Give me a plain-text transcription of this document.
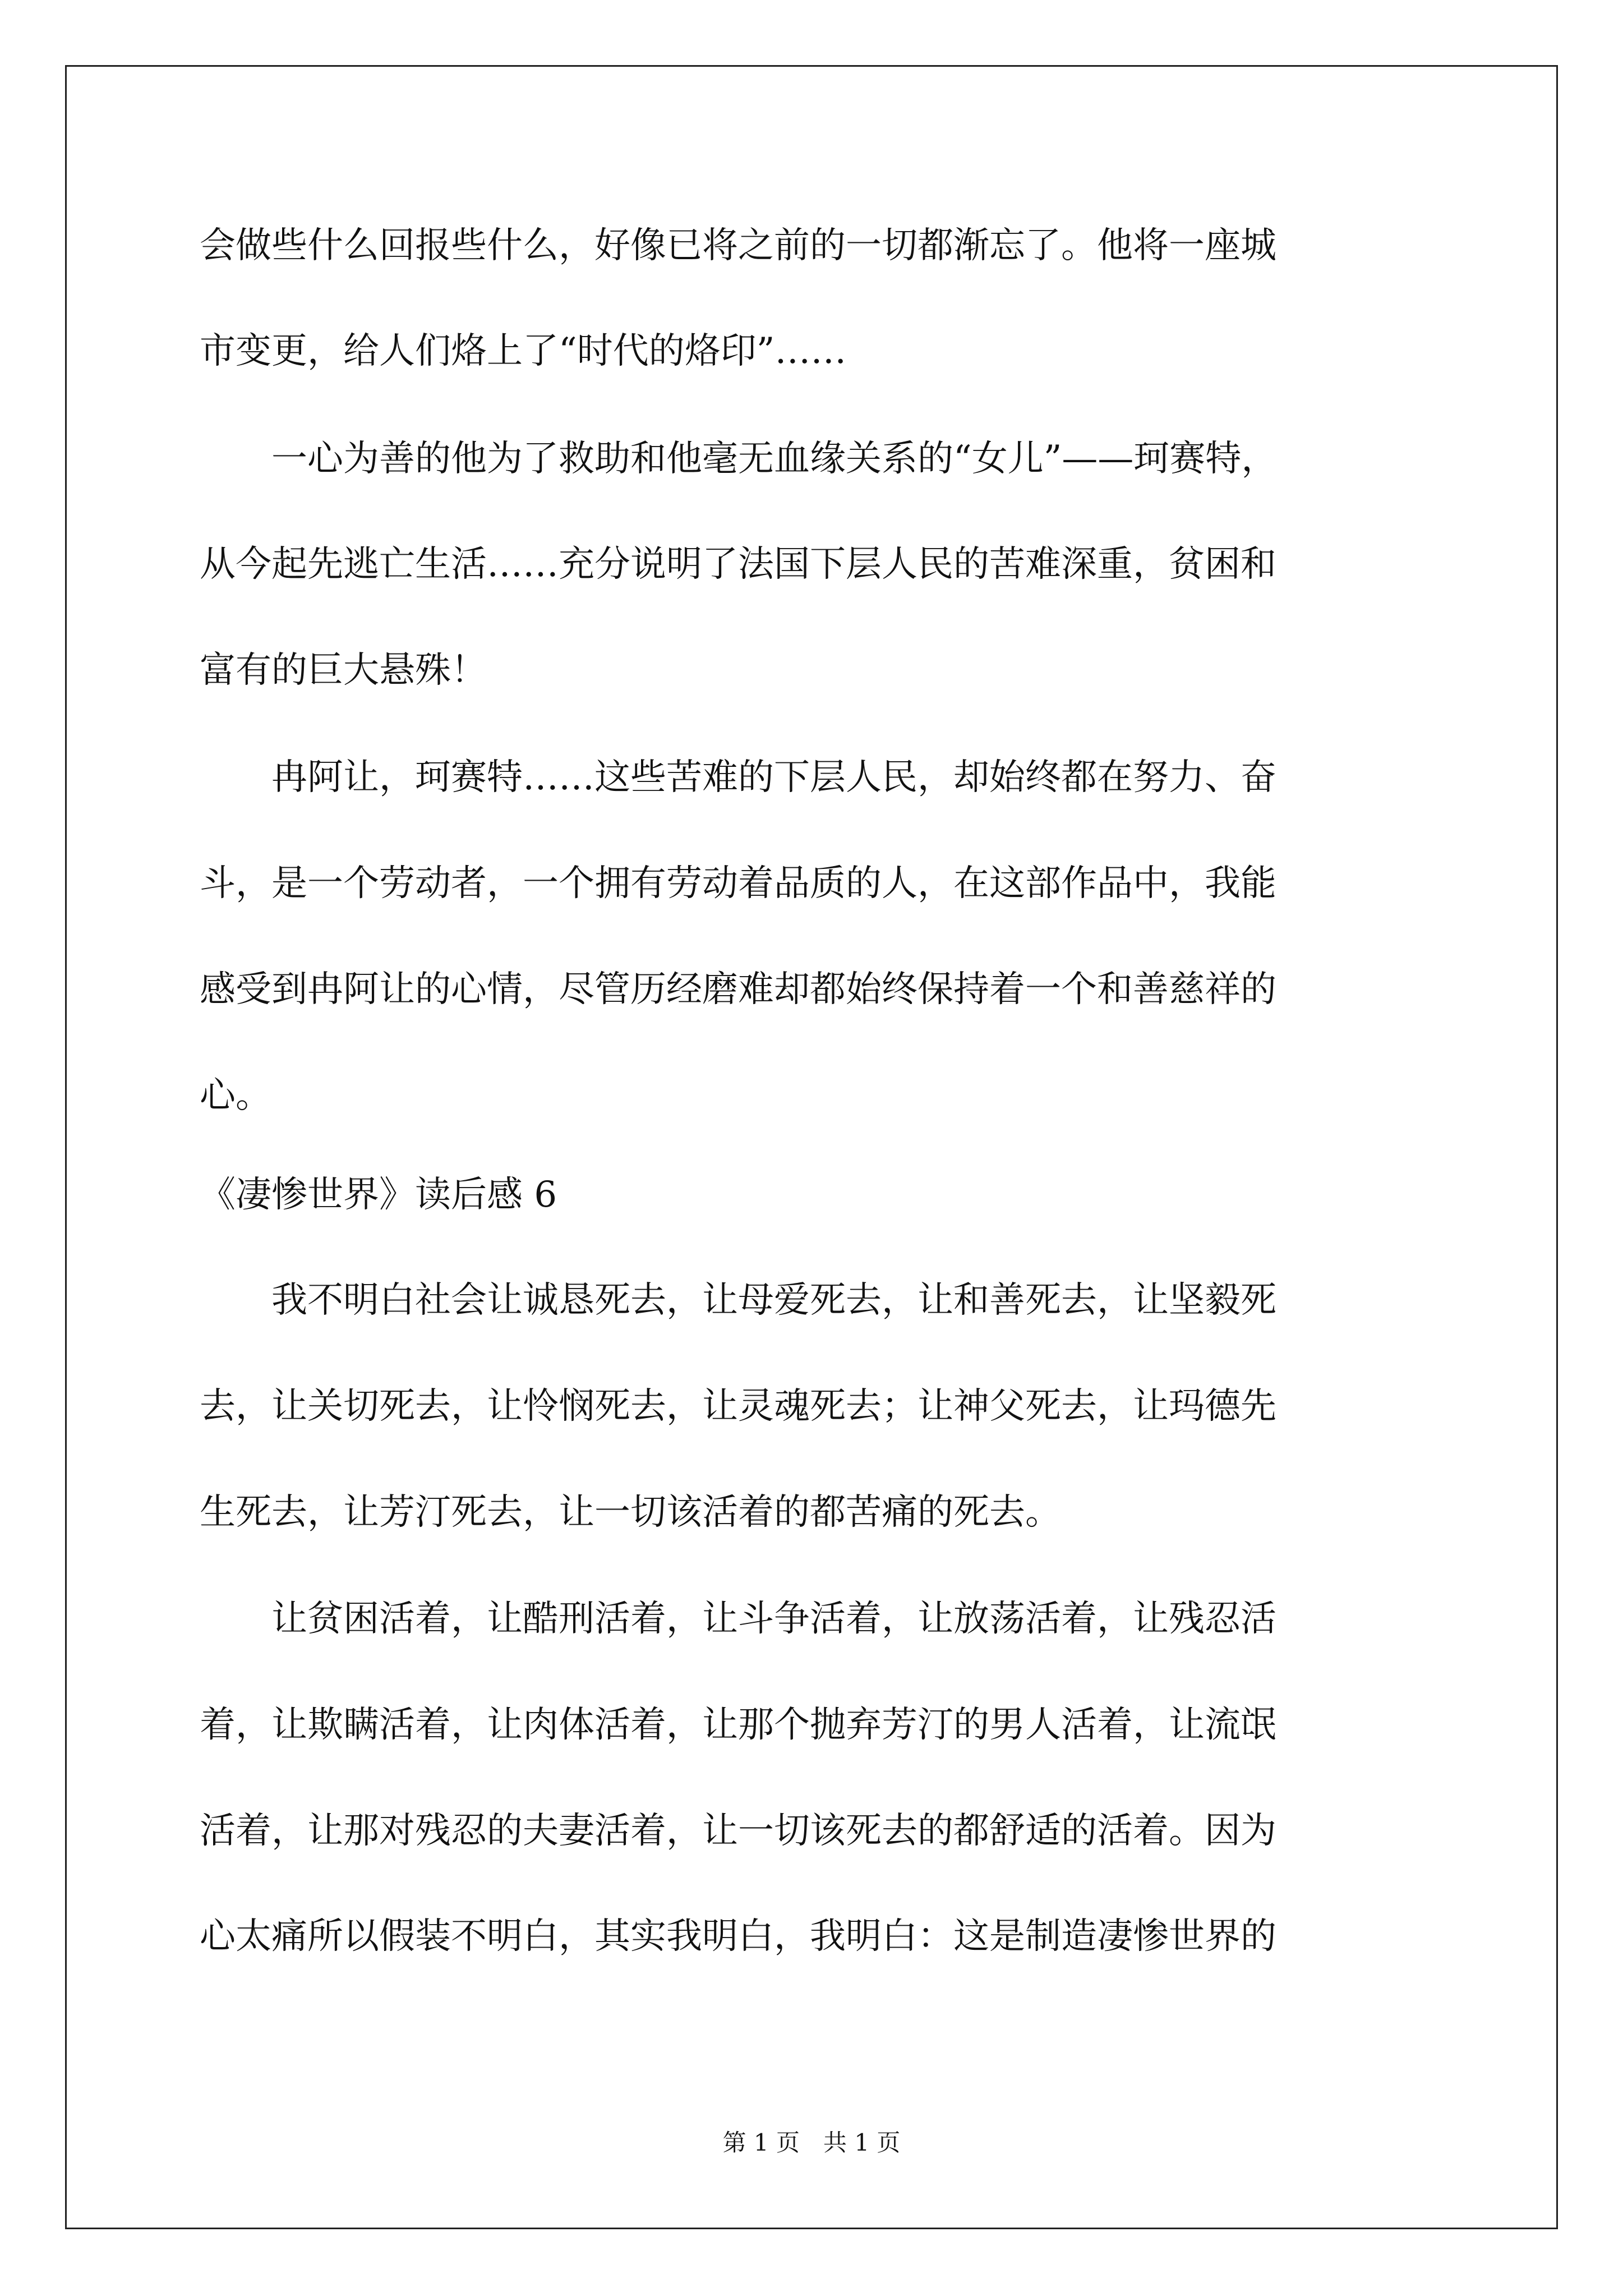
会做些什么回报些什么，好像已将之前的一切都渐忘了。他将一座城
市变更，给人们烙上了“时代的烙印”……
　　一心为善的他为了救助和他毫无血缘关系的“女儿”——珂赛特，
从今起先逃亡生活……充分说明了法国下层人民的苦难深重，贫困和
富有的巨大悬殊！
　　冉阿让，珂赛特……这些苦难的下层人民，却始终都在努力、奋
斗，是一个劳动者，一个拥有劳动着品质的人，在这部作品中，我能
感受到冉阿让的心情，尽管历经磨难却都始终保持着一个和善慈祥的
心。
《凄惨世界》读后感 6
　　我不明白社会让诚恳死去，让母爱死去，让和善死去，让坚毅死
去，让关切死去，让怜悯死去，让灵魂死去；让神父死去，让玛德先
生死去，让芳汀死去，让一切该活着的都苦痛的死去。
　　让贫困活着，让酷刑活着，让斗争活着，让放荡活着，让残忍活
着，让欺瞒活着，让肉体活着，让那个抛弃芳汀的男人活着，让流氓
活着，让那对残忍的夫妻活着，让一切该死去的都舒适的活着。因为
心太痛所以假装不明白，其实我明白，我明白：这是制造凄惨世界的
第 1 页　共 1 页
